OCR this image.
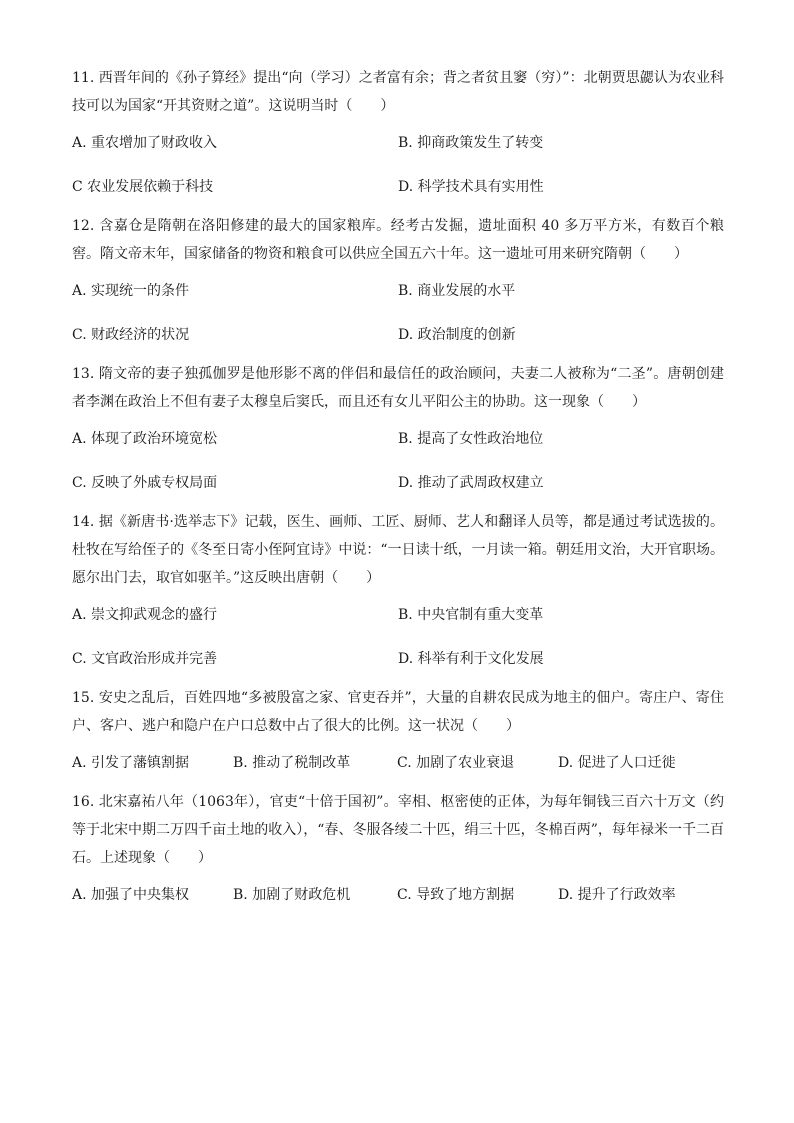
11. 西晋年间的《孙子算经》提出“向（学习）之者富有余；背之者贫且窭（穷）”：北朝贾思勰认为农业科技可以为国家“开其资财之道”。这说明当时（　　）

A. 重农增加了财政收入	B. 抑商政策发生了转变
C 农业发展依赖于科技	D. 科学技术具有实用性

12. 含嘉仓是隋朝在洛阳修建的最大的国家粮库。经考古发掘，遗址面积 40 多万平方米，有数百个粮窖。隋文帝末年，国家储备的物资和粮食可以供应全国五六十年。这一遗址可用来研究隋朝（　　）

A. 实现统一的条件	B. 商业发展的水平
C. 财政经济的状况	D. 政治制度的创新

13. 隋文帝的妻子独孤伽罗是他形影不离的伴侣和最信任的政治顾问，夫妻二人被称为“二圣”。唐朝创建者李渊在政治上不但有妻子太穆皇后窦氏，而且还有女儿平阳公主的协助。这一现象（　　）

A. 体现了政治环境宽松	B. 提高了女性政治地位
C. 反映了外戚专权局面	D. 推动了武周政权建立

14. 据《新唐书·选举志下》记载，医生、画师、工匠、厨师、艺人和翻译人员等，都是通过考试选拔的。杜牧在写给侄子的《冬至日寄小侄阿宜诗》中说：“一日读十纸，一月读一箱。朝廷用文治，大开官职场。愿尔出门去，取官如驱羊。”这反映出唐朝（　　）

A. 崇文抑武观念的盛行	B. 中央官制有重大变革
C. 文官政治形成并完善	D. 科举有利于文化发展

15. 安史之乱后，百姓四地“多被殷富之家、官吏吞并”，大量的自耕农民成为地主的佃户。寄庄户、寄住户、客户、逃户和隐户在户口总数中占了很大的比例。这一状况（　　）

A. 引发了藩镇割据	B. 推动了税制改革	C. 加剧了农业衰退	D. 促进了人口迁徙

16. 北宋嘉祐八年（1063年），官吏“十倍于国初”。宰相、枢密使的正体，为每年铜钱三百六十万文（约等于北宋中期二万四千亩土地的收入），“春、冬服各绫二十匹，绢三十匹，冬棉百两”，每年禄米一千二百石。上述现象（　　）

A. 加强了中央集权	B. 加剧了财政危机	C. 导致了地方割据	D. 提升了行政效率
